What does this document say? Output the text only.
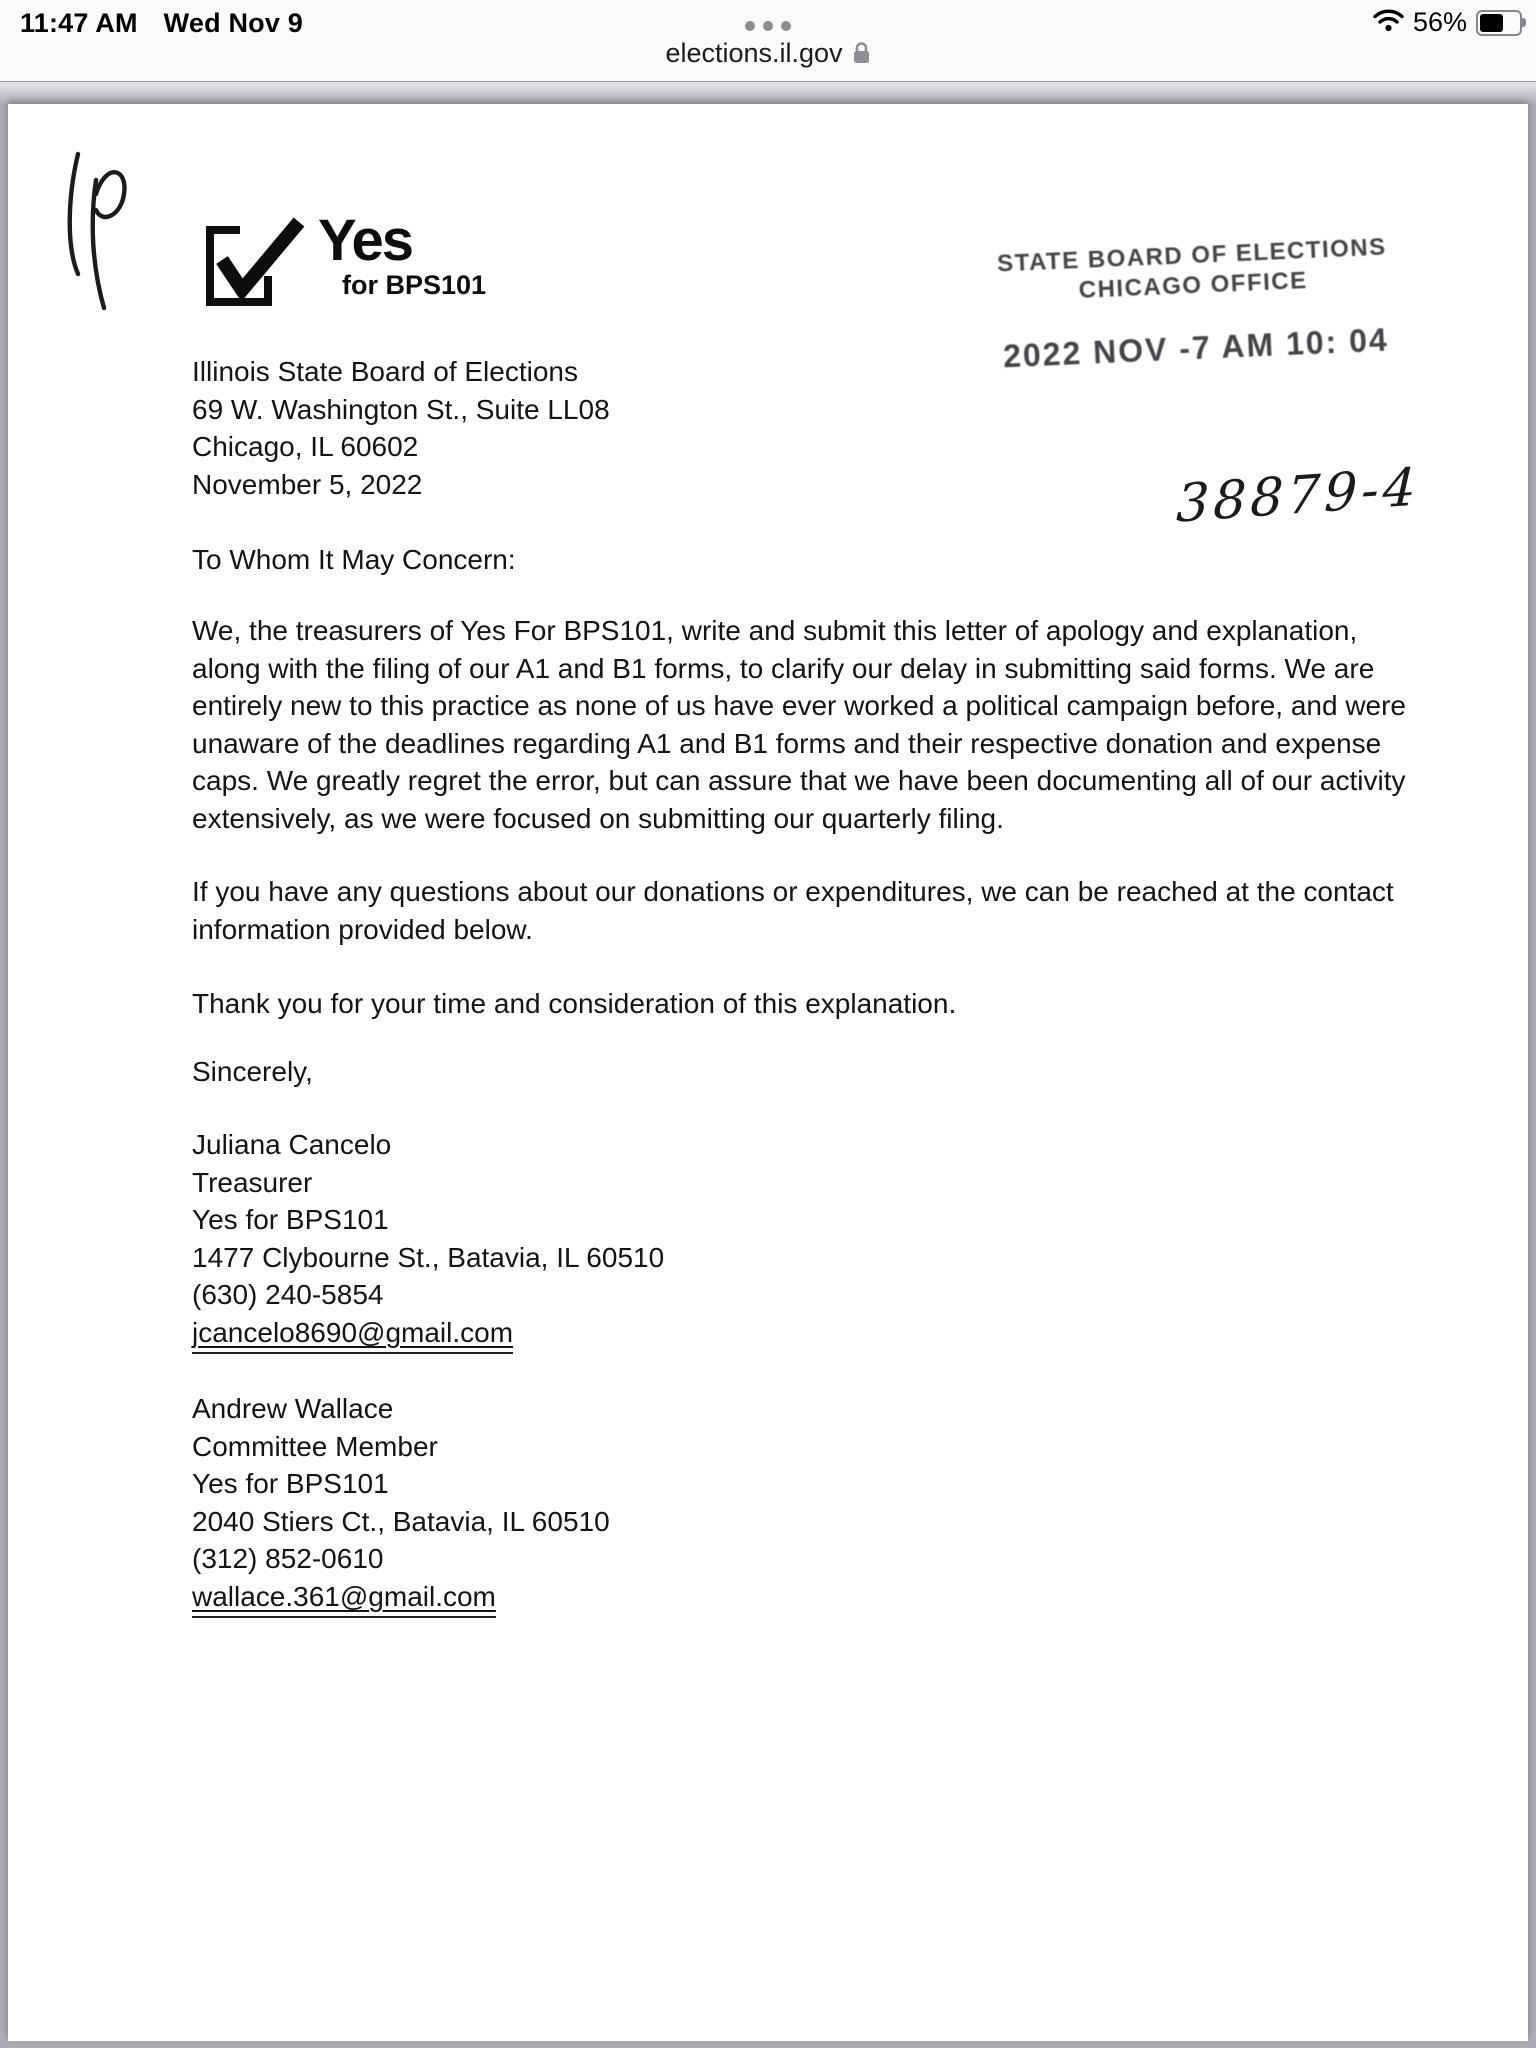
11:47 AM Wed Nov 9	56%
elections.il.gov
Yes
for BPS101
STATE BOARD OF ELECTIONS
CHICAGO OFFICE
2022 NOV -7 AM 10: 04
38879-4
Illinois State Board of Elections
69 W. Washington St., Suite LL08
Chicago, IL 60602
November 5, 2022
To Whom It May Concern:
We, the treasurers of Yes For BPS101, write and submit this letter of apology and explanation, along with the filing of our A1 and B1 forms, to clarify our delay in submitting said forms. We are entirely new to this practice as none of us have ever worked a political campaign before, and were unaware of the deadlines regarding A1 and B1 forms and their respective donation and expense caps. We greatly regret the error, but can assure that we have been documenting all of our activity extensively, as we were focused on submitting our quarterly filing.
If you have any questions about our donations or expenditures, we can be reached at the contact information provided below.
Thank you for your time and consideration of this explanation.
Sincerely,
Juliana Cancelo
Treasurer
Yes for BPS101
1477 Clybourne St., Batavia, IL 60510
(630) 240-5854
jcancelo8690@gmail.com
Andrew Wallace
Committee Member
Yes for BPS101
2040 Stiers Ct., Batavia, IL 60510
(312) 852-0610
wallace.361@gmail.com
